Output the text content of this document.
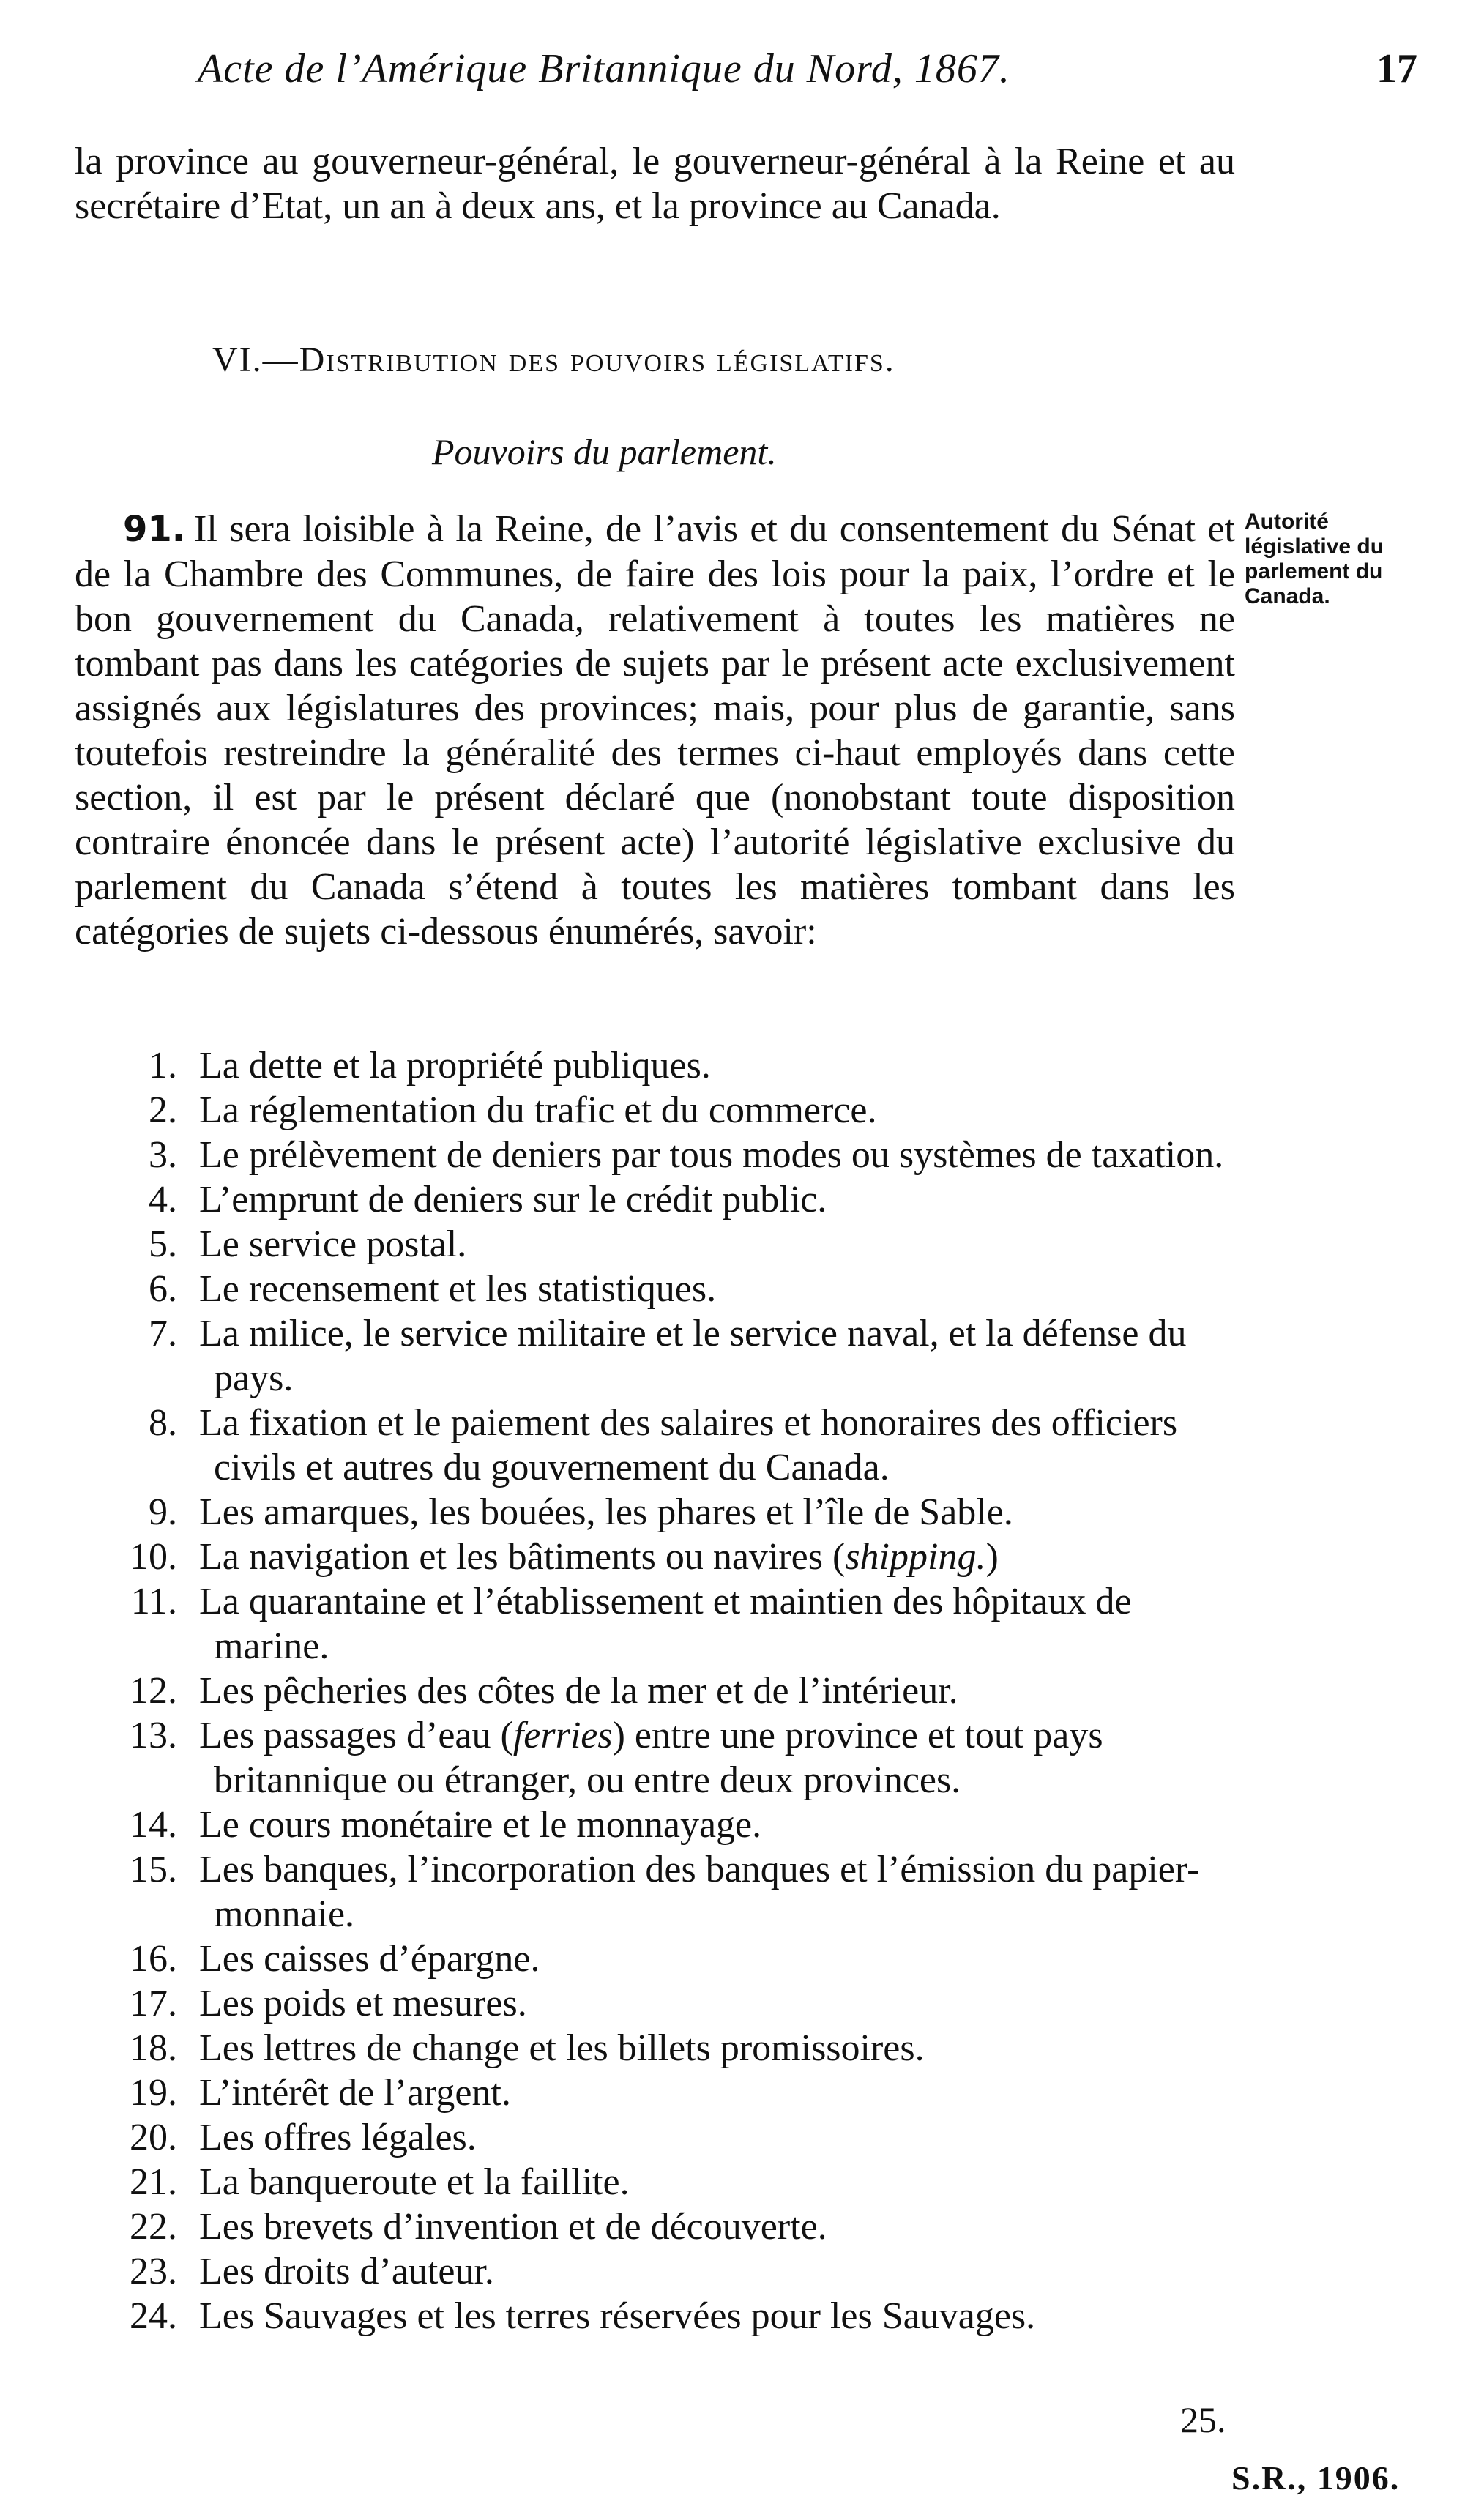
Acte de l’Amérique Britannique du Nord, 1867.	17
la province au gouverneur-général, le gouverneur-général à la Reine et au secrétaire d’Etat, un an à deux ans, et la province au Canada.
VI.—Distribution des pouvoirs législatifs.
Pouvoirs du parlement.
91. Il sera loisible à la Reine, de l’avis et du consentement du Sénat et de la Chambre des Communes, de faire des lois pour la paix, l’ordre et le bon gouvernement du Canada, relativement à toutes les matières ne tombant pas dans les catégories de sujets par le présent acte exclusivement assignés aux législatures des provinces; mais, pour plus de garantie, sans toutefois restreindre la généralité des termes ci-haut employés dans cette section, il est par le présent déclaré que (nonobstant toute disposition contraire énoncée dans le présent acte) l’autorité législative exclusive du parlement du Canada s’étend à toutes les matières tombant dans les catégories de sujets ci-dessous énumérés, savoir:
Autorité législative du parlement du Canada.
1. La dette et la propriété publiques.
2. La réglementation du trafic et du commerce.
3. Le prélèvement de deniers par tous modes ou systèmes de taxation.
4. L’emprunt de deniers sur le crédit public.
5. Le service postal.
6. Le recensement et les statistiques.
7. La milice, le service militaire et le service naval, et la défense du pays.
8. La fixation et le paiement des salaires et honoraires des officiers civils et autres du gouvernement du Canada.
9. Les amarques, les bouées, les phares et l’île de Sable.
10. La navigation et les bâtiments ou navires (shipping.)
11. La quarantaine et l’établissement et maintien des hôpitaux de marine.
12. Les pêcheries des côtes de la mer et de l’intérieur.
13. Les passages d’eau (ferries) entre une province et tout pays britannique ou étranger, ou entre deux provinces.
14. Le cours monétaire et le monnayage.
15. Les banques, l’incorporation des banques et l’émission du papier-monnaie.
16. Les caisses d’épargne.
17. Les poids et mesures.
18. Les lettres de change et les billets promissoires.
19. L’intérêt de l’argent.
20. Les offres légales.
21. La banqueroute et la faillite.
22. Les brevets d’invention et de découverte.
23. Les droits d’auteur.
24. Les Sauvages et les terres réservées pour les Sauvages.
25.
S.R., 1906.
